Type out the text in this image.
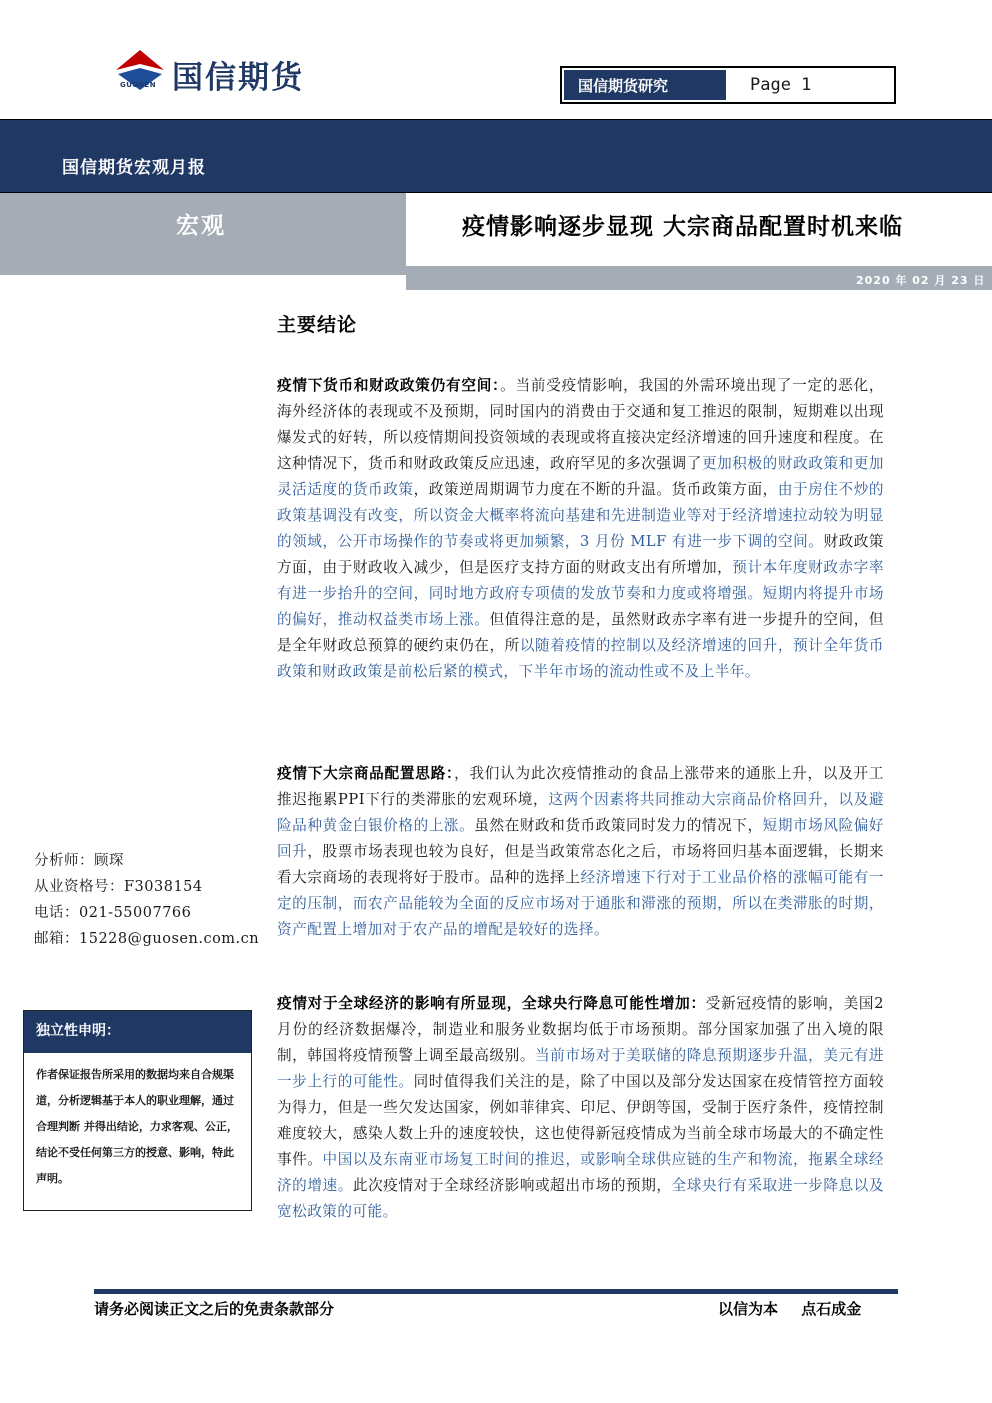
国信期货
GUOSEN	国信期货研究	Page 1
国信期货宏观月报
宏观	疫情影响逐步显现 大宗商品配置时机来临
2020 年 02 月 23 日
主要结论

疫情下货币和财政政策仍有空间：。当前受疫情影响，我国的外需环境出现了一定的恶化，海外经济体的表现或不及预期，同时国内的消费由于交通和复工推迟的限制，短期难以出现爆发式的好转，所以疫情期间投资领域的表现或将直接决定经济增速的回升速度和程度。在这种情况下，货币和财政政策反应迅速，政府罕见的多次强调了更加积极的财政政策和更加灵活适度的货币政策，政策逆周期调节力度在不断的升温。货币政策方面，由于房住不炒的政策基调没有改变，所以资金大概率将流向基建和先进制造业等对于经济增速拉动较为明显的领域，公开市场操作的节奏或将更加频繁，3 月份 MLF 有进一步下调的空间。财政政策方面，由于财政收入减少，但是医疗支持方面的财政支出有所增加，预计本年度财政赤字率有进一步抬升的空间，同时地方政府专项债的发放节奏和力度或将增强。短期内将提升市场的偏好，推动权益类市场上涨。但值得注意的是，虽然财政赤字率有进一步提升的空间，但是全年财政总预算的硬约束仍在，所以随着疫情的控制以及经济增速的回升，预计全年货币政策和财政政策是前松后紧的模式，下半年市场的流动性或不及上半年。

疫情下大宗商品配置思路：，我们认为此次疫情推动的食品上涨带来的通胀上升，以及开工推迟拖累PPI下行的类滞胀的宏观环境，这两个因素将共同推动大宗商品价格回升，以及避险品种黄金白银价格的上涨。虽然在财政和货币政策同时发力的情况下，短期市场风险偏好回升，股票市场表现也较为良好，但是当政策常态化之后，市场将回归基本面逻辑，长期来看大宗商场的表现将好于股市。品种的选择上经济增速下行对于工业品价格的涨幅可能有一定的压制，而农产品能较为全面的反应市场对于通胀和滞涨的预期，所以在类滞胀的时期，资产配置上增加对于农产品的增配是较好的选择。

疫情对于全球经济的影响有所显现，全球央行降息可能性增加：受新冠疫情的影响，美国2月份的经济数据爆冷，制造业和服务业数据均低于市场预期。部分国家加强了出入境的限制，韩国将疫情预警上调至最高级别。当前市场对于美联储的降息预期逐步升温，美元有进一步上行的可能性。同时值得我们关注的是，除了中国以及部分发达国家在疫情管控方面较为得力，但是一些欠发达国家，例如菲律宾、印尼、伊朗等国，受制于医疗条件，疫情控制难度较大，感染人数上升的速度较快，这也使得新冠疫情成为当前全球市场最大的不确定性事件。中国以及东南亚市场复工时间的推迟，或影响全球供应链的生产和物流，拖累全球经济的增速。此次疫情对于全球经济影响或超出市场的预期，全球央行有采取进一步降息以及宽松政策的可能。

分析师：顾琛
从业资格号：F3038154
电话：021-55007766
邮箱：15228@guosen.com.cn
独立性申明：

作者保证报告所采用的数据均来自合规渠道，分析逻辑基于本人的职业理解，通过合理判断 并得出结论，力求客观、公正，结论不受任何第三方的授意、影响，特此声明。

请务必阅读正文之后的免责条款部分	以信为本 点石成金
